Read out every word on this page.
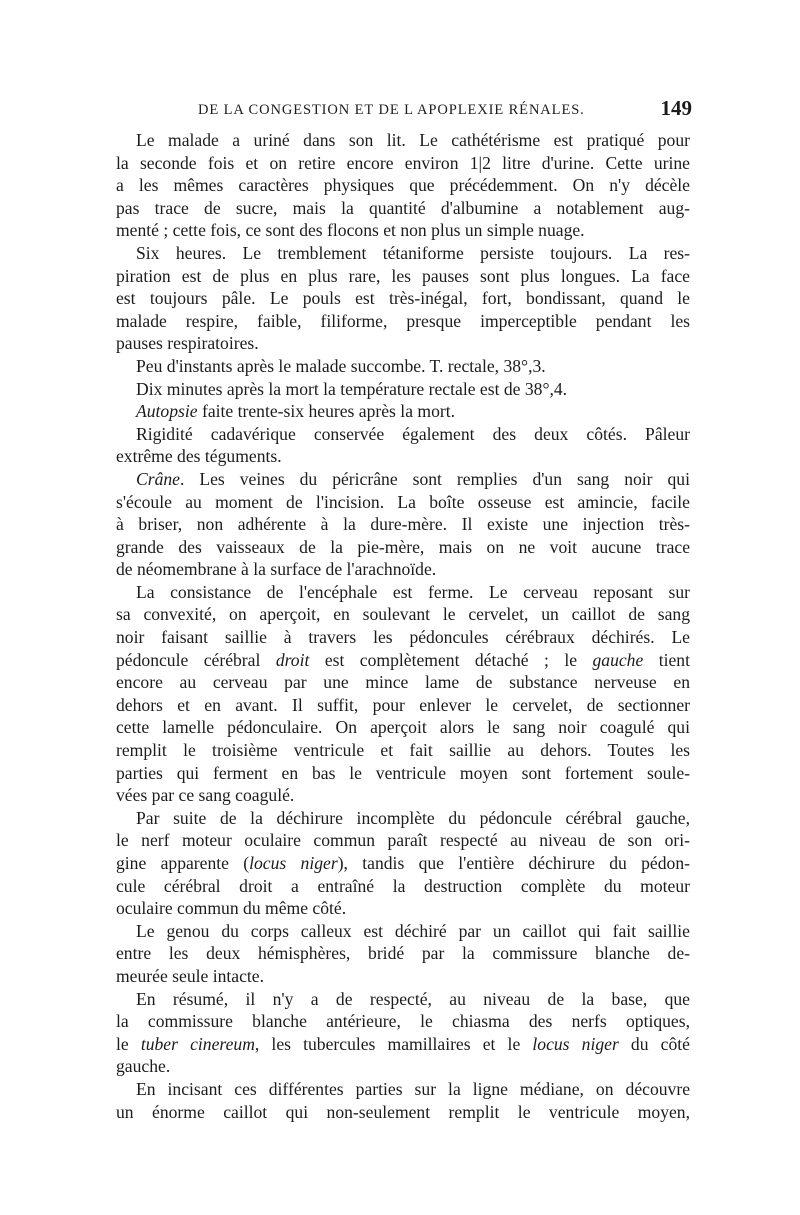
DE LA CONGESTION ET DE L APOPLEXIE RÉNALES.	149
Le malade a uriné dans son lit. Le cathétérisme est pratiqué pour
la seconde fois et on retire encore environ 1|2 litre d'urine. Cette urine
a les mêmes caractères physiques que précédemment. On n'y décèle
pas trace de sucre, mais la quantité d'albumine a notablement aug-
menté ; cette fois, ce sont des flocons et non plus un simple nuage.
Six heures. Le tremblement tétaniforme persiste toujours. La res-
piration est de plus en plus rare, les pauses sont plus longues. La face
est toujours pâle. Le pouls est très-inégal, fort, bondissant, quand le
malade respire, faible, filiforme, presque imperceptible pendant les
pauses respiratoires.
Peu d'instants après le malade succombe. T. rectale, 38°,3.
Dix minutes après la mort la température rectale est de 38°,4.
Autopsie faite trente-six heures après la mort.
Rigidité cadavérique conservée également des deux côtés. Pâleur
extrême des téguments.
Crâne. Les veines du péricrâne sont remplies d'un sang noir qui
s'écoule au moment de l'incision. La boîte osseuse est amincie, facile
à briser, non adhérente à la dure-mère. Il existe une injection très-
grande des vaisseaux de la pie-mère, mais on ne voit aucune trace
de néomembrane à la surface de l'arachnoïde.
La consistance de l'encéphale est ferme. Le cerveau reposant sur
sa convexité, on aperçoit, en soulevant le cervelet, un caillot de sang
noir faisant saillie à travers les pédoncules cérébraux déchirés. Le
pédoncule cérébral droit est complètement détaché ; le gauche tient
encore au cerveau par une mince lame de substance nerveuse en
dehors et en avant. Il suffit, pour enlever le cervelet, de sectionner
cette lamelle pédonculaire. On aperçoit alors le sang noir coagulé qui
remplit le troisième ventricule et fait saillie au dehors. Toutes les
parties qui ferment en bas le ventricule moyen sont fortement soule-
vées par ce sang coagulé.
Par suite de la déchirure incomplète du pédoncule cérébral gauche,
le nerf moteur oculaire commun paraît respecté au niveau de son ori-
gine apparente (locus niger), tandis que l'entière déchirure du pédon-
cule cérébral droit a entraîné la destruction complète du moteur
oculaire commun du même côté.
Le genou du corps calleux est déchiré par un caillot qui fait saillie
entre les deux hémisphères, bridé par la commissure blanche de-
meurée seule intacte.
En résumé, il n'y a de respecté, au niveau de la base, que
la commissure blanche antérieure, le chiasma des nerfs optiques,
le tuber cinereum, les tubercules mamillaires et le locus niger du côté
gauche.
En incisant ces différentes parties sur la ligne médiane, on découvre
un énorme caillot qui non-seulement remplit le ventricule moyen,
